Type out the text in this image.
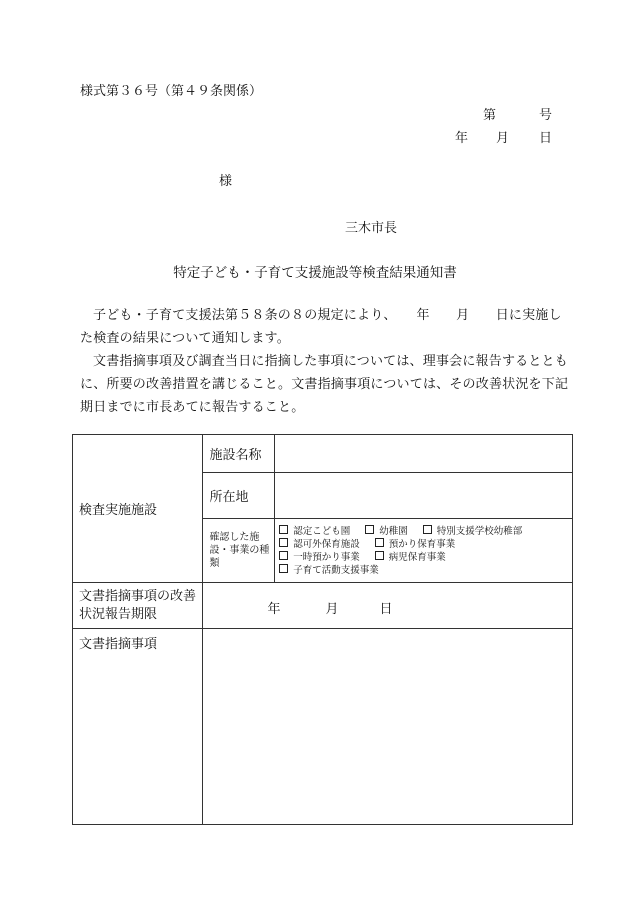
様式第３６号（第４９条関係）
第	号
年 月 日
様
三木市長
特定子ども・子育て支援施設等検査結果通知書

子ども・子育て支援法第５８条の８の規定により、　　年　　月　　日に実施した検査の結果について通知します。

文書指摘事項及び調査当日に指摘した事項については、理事会に報告するとともに、所要の改善措置を講じること。文書指摘事項については、その改善状況を下記期日までに市長あてに報告すること。

検査実施施設	施設名称	
	所在地	
	確認した施設・事業の種類	認定こども園 幼稚園 特別支援学校幼稚部
認可外保育施設 預かり保育事業
一時預かり事業 病児保育事業
子育て活動支援事業

文書指摘事項の改善状況報告期限	年 月 日	

文書指摘事項		
